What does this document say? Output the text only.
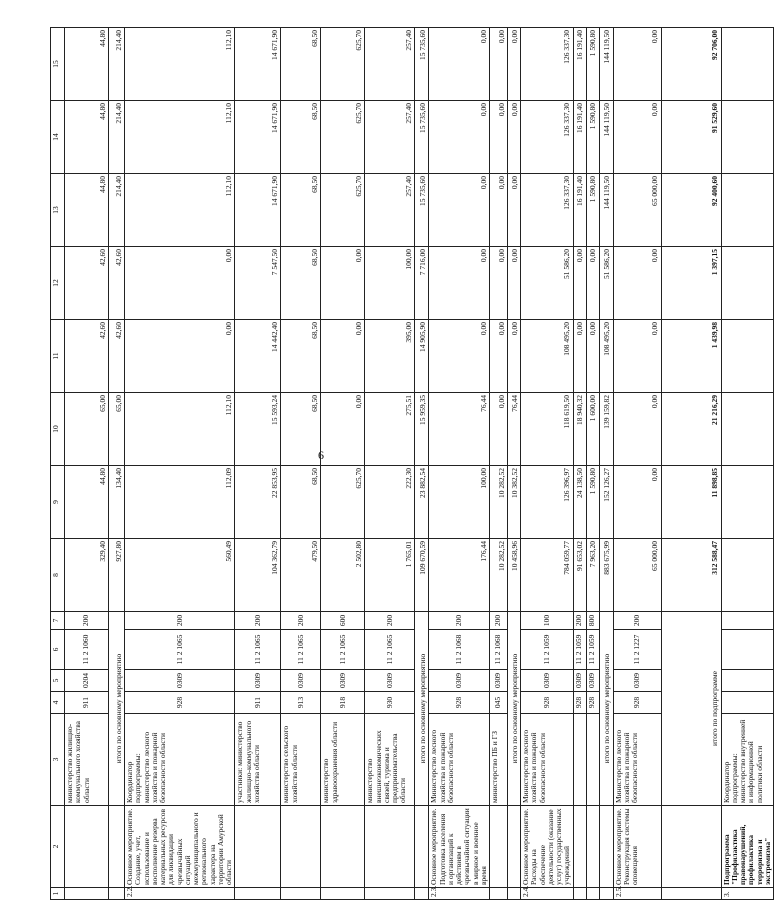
6
1	2	3	4	5	6	7	8	9	10	11	12	13	14	15
		министерство жилищно-коммунального хозяйства области	911	0204	11 2 1060	200	329,40	44,80	65,00	42,60	42,60	44,80	44,80	44,80
		итого по основному мероприятию					927,80	134,40	65,00	42,60	42,60	214,40	214,40	214,40
2.2.	Основное мероприятие. Создание, учет, использование и восполнение резерва материальных ресурсов для ликвидации чрезвычайных ситуаций межмуниципального и регионального характера на территории Амурской области	Координатор подпрограммы: министерство лесного хозяйства и пожарной безопасности области	928	0309	11 2 1065	200	560,49	112,09	112,10	0,00	0,00	112,10	112,10	112,10
		участники: министерство жилищно-коммунального хозяйства области	911	0309	11 2 1065	200	104 362,79	22 853,95	15 593,24	14 442,40	7 547,50	14 671,90	14 671,90	14 671,90
		министерство сельского хозяйства области	913	0309	11 2 1065	200	479,50	68,50	68,50	68,50	68,50	68,50	68,50	68,50
		министерство здравоохранения области	918	0309	11 2 1065	600	2 502,80	625,70	0,00	0,00	0,00	625,70	625,70	625,70
		министерство внешнеэкономических связей, туризма и предпринимательства области	930	0309	11 2 1065	200	1 765,01	222,30	275,51	395,00	100,00	257,40	257,40	257,40
		итого по основному мероприятию					109 670,59	23 882,54	15 959,35	14 905,90	7 716,00	15 735,60	15 735,60	15 735,60
2.3.	Основное мероприятие. Подготовка населения и организаций к действиям в чрезвычайной ситуации в мирное и военное время	Министерство лесного хозяйства и пожарной безопасности области	928	0309	11 2 1068	200	176,44	100,00	76,44	0,00	0,00	0,00	0,00	0,00
		министерство ПБ и ГЗ	045	0309	11 2 1068	200	10 282,52	10 282,52	0,00	0,00	0,00	0,00	0,00	0,00
		итого по основному мероприятию					10 458,96	10 382,52	76,44	0,00	0,00	0,00	0,00	0,00
2.4.	Основное мероприятие. Расходы на обеспечение деятельности (оказание услуг) государственных учреждений	Министерство лесного хозяйства и пожарной безопасности области	928	0309	11 2 1059	100	784 059,77	126 396,97	118 619,50	108 495,20	51 586,20	126 337,30	126 337,30	126 337,30
			928	0309	11 2 1059	200	91 653,02	24 138,50	18 940,32	0,00	0,00	16 191,40	16 191,40	16 191,40
			928	0309	11 2 1059	800	7 963,20	1 590,80	1 600,00	0,00	0,00	1 590,80	1 590,80	1 590,80
		итого по основному мероприятию					883 675,99	152 126,27	139 159,82	108 495,20	51 586,20	144 119,50	144 119,50	144 119,50
2.5.	Основное мероприятие. Реконструкция системы оповещения	Министерство лесного хозяйства и пожарной безопасности области	928	0309	11 2 1227	200	65 000,00	0,00	0,00	0,00	0,00	65 000,00	0,00	0,00
		итого по подпрограмме					312 588,47	11 898,85	21 216,29	1 439,98	1 397,15	92 400,60	91 529,60	92 706,00
3.	Подпрограмма "Профилактика правонарушений, профилактика терроризма и экстремизма"	Координатор подпрограммы: министерство внутренней и информационной политики области												
